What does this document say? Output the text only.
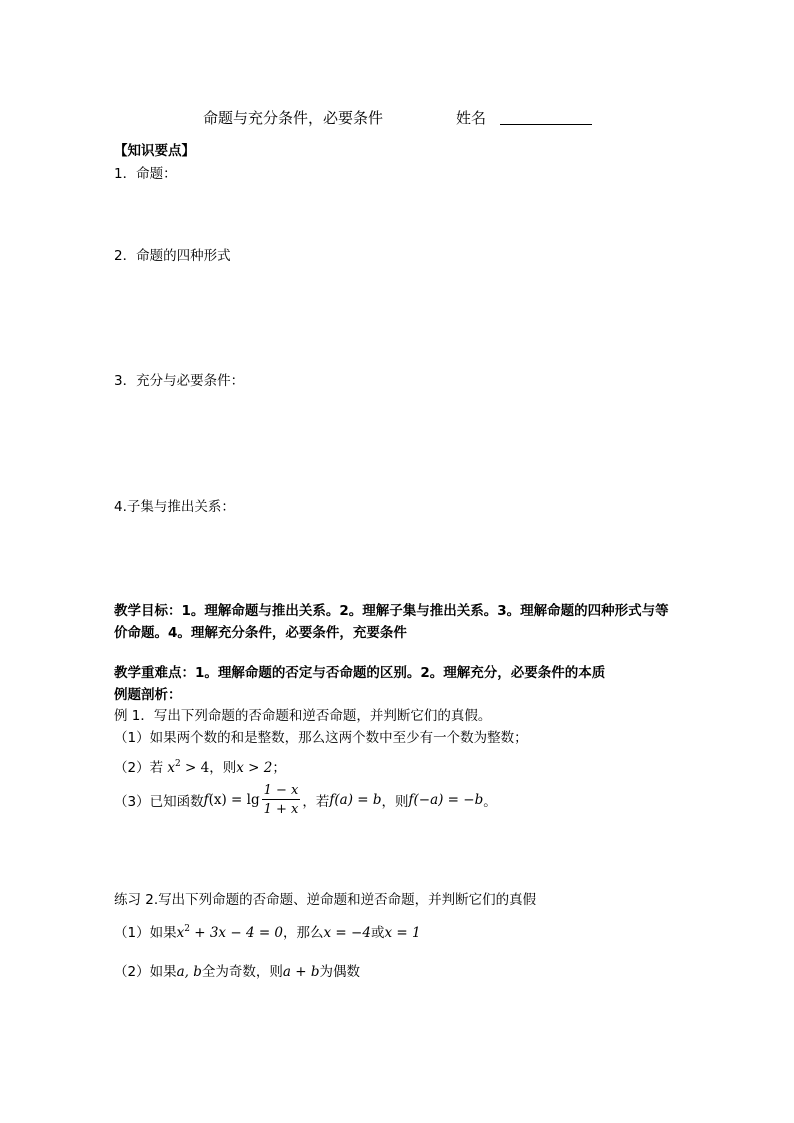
命题与充分条件，必要条件	姓名
【知识要点】
1．命题：
2．命题的四种形式
3．充分与必要条件：
4.子集与推出关系：
教学目标：1。理解命题与推出关系。2。理解子集与推出关系。3。理解命题的四种形式与等
价命题。4。理解充分条件，必要条件，充要条件
教学重难点：1。理解命题的否定与否命题的区别。2。理解充分，必要条件的本质
例题剖析：
例 1．写出下列命题的否命题和逆否命题，并判断它们的真假。
（1）如果两个数的和是整数，那么这两个数中至少有一个数为整数；
（2）若 $x^2 > 4$，则x > 2；
（3）已知函数$f(x) = \lg \frac{1 - x}{1 + x}$ ，若f(a) = b，则f(−a) = −b。
练习 2.写出下列命题的否命题、逆命题和逆否命题，并判断它们的真假
（1）如果$x^2 + 3x - 4 = 0$，那么x = −4或x = 1
（2）如果a, b全为奇数，则a + b为偶数
